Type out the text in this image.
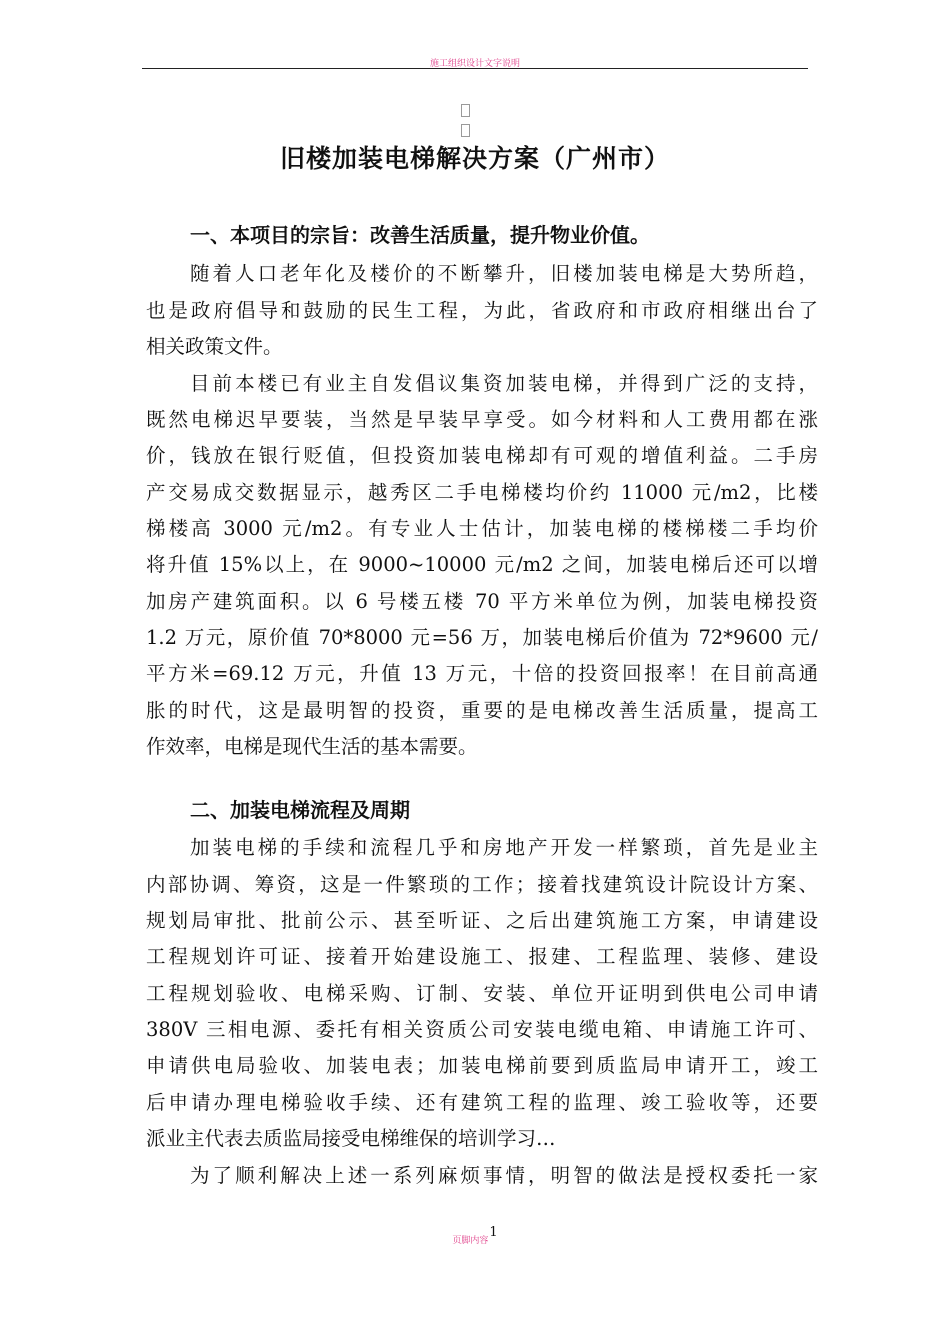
施工组织设计文字说明
旧楼加装电梯解决方案（广州市）
一、本项目的宗旨：改善生活质量，提升物业价值。
随着人口老年化及楼价的不断攀升，旧楼加装电梯是大势所趋，
也是政府倡导和鼓励的民生工程，为此，省政府和市政府相继出台了
相关政策文件。
目前本楼已有业主自发倡议集资加装电梯，并得到广泛的支持，
既然电梯迟早要装，当然是早装早享受。如今材料和人工费用都在涨
价，钱放在银行贬值，但投资加装电梯却有可观的增值利益。二手房
产交易成交数据显示，越秀区二手电梯楼均价约 11000 元/m2，比楼
梯楼高 3000 元/m2。有专业人士估计，加装电梯的楼梯楼二手均价
将升值 15%以上，在 9000~10000 元/m2 之间，加装电梯后还可以增
加房产建筑面积。以 6 号楼五楼 70 平方米单位为例，加装电梯投资
1.2 万元，原价值 70*8000 元=56 万，加装电梯后价值为 72*9600 元/
平方米=69.12 万元，升值 13 万元，十倍的投资回报率！在目前高通
胀的时代，这是最明智的投资，重要的是电梯改善生活质量，提高工
作效率，电梯是现代生活的基本需要。
二、加装电梯流程及周期
加装电梯的手续和流程几乎和房地产开发一样繁琐，首先是业主
内部协调、筹资，这是一件繁琐的工作；接着找建筑设计院设计方案、
规划局审批、批前公示、甚至听证、之后出建筑施工方案，申请建设
工程规划许可证、接着开始建设施工、报建、工程监理、装修、建设
工程规划验收、电梯采购、订制、安装、单位开证明到供电公司申请
380V 三相电源、委托有相关资质公司安装电缆电箱、申请施工许可、
申请供电局验收、加装电表；加装电梯前要到质监局申请开工，竣工
后申请办理电梯验收手续、还有建筑工程的监理、竣工验收等，还要
派业主代表去质监局接受电梯维保的培训学习…
为了顺利解决上述一系列麻烦事情，明智的做法是授权委托一家
页脚内容$^1$
